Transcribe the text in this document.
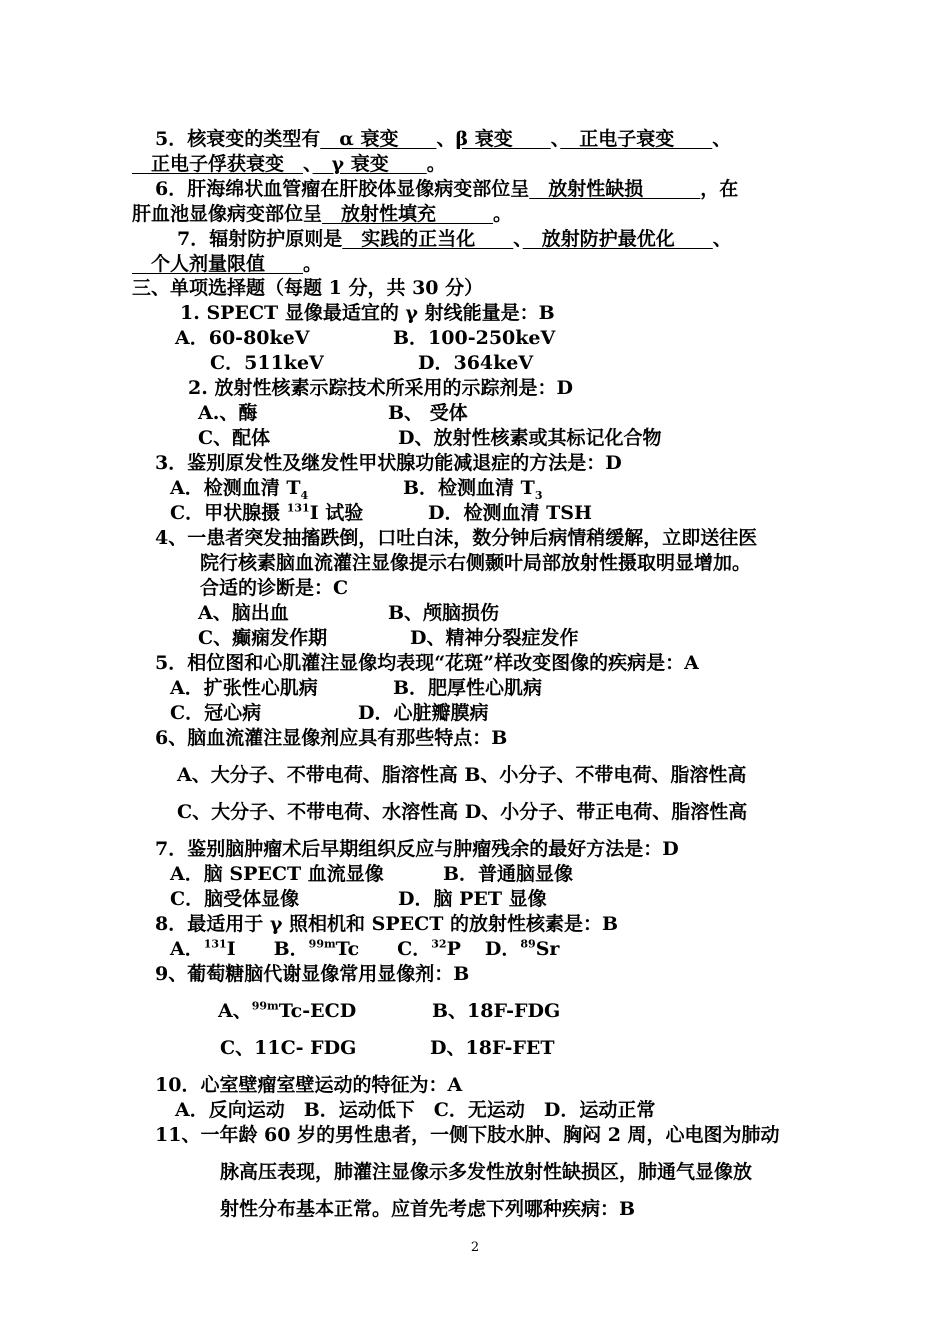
5．核衰变的类型有　α 衰变　　、β 衰变　　、　正电子衰变　　、
　正电子俘获衰变　、　γ 衰变　　。
6．肝海绵状血管瘤在肝胶体显像病变部位呈　放射性缺损　　　，在
肝血池显像病变部位呈　放射性填充　　　。
7．辐射防护原则是　实践的正当化　　、　放射防护最优化　　、
　个人剂量限值　　。
三、单项选择题（每题 1 分，共 30 分）
1. SPECT 显像最适宜的 γ 射线能量是：B
A．60-80keV	B．100-250keV
C．511keV	D．364keV
2. 放射性核素示踪技术所采用的示踪剂是：D
A.、酶	B、 受体
C、配体	D、放射性核素或其标记化合物
3．鉴别原发性及继发性甲状腺功能减退症的方法是：D
A．检测血清 $T_4$	B．检测血清 $T_3$
C．甲状腺摄 $^{131}$I 试验	D．检测血清 TSH
4、一患者突发抽搐跌倒，口吐白沫，数分钟后病情稍缓解，立即送往医
院行核素脑血流灌注显像提示右侧颞叶局部放射性摄取明显增加。
合适的诊断是：C
A、脑出血	B、颅脑损伤
C、癫痫发作期	D、精神分裂症发作
5．相位图和心肌灌注显像均表现“花斑”样改变图像的疾病是：A
A．扩张性心肌病	B．肥厚性心肌病
C．冠心病	D．心脏瓣膜病
6、脑血流灌注显像剂应具有那些特点：B
A、大分子、不带电荷、脂溶性高 B、小分子、不带电荷、脂溶性高
C、大分子、不带电荷、水溶性高 D、小分子、带正电荷、脂溶性高
7．鉴别脑肿瘤术后早期组织反应与肿瘤残余的最好方法是：D
A．脑 SPECT 血流显像	B．普通脑显像
C．脑受体显像	D．脑 PET 显像
8．最适用于 γ 照相机和 SPECT 的放射性核素是：B
A．$^{131}$I B．$^{99m}$Tc C．$^{32}$P D．$^{89}$Sr
9、葡萄糖脑代谢显像常用显像剂：B
A、$^{99m}$Tc-ECD	B、18F-FDG
C、11C- FDG	D、18F-FET
10．心室壁瘤室壁运动的特征为：A
A．反向运动　B．运动低下　C．无运动　D．运动正常
11、一年龄 60 岁的男性患者，一侧下肢水肿、胸闷 2 周，心电图为肺动
脉高压表现，肺灌注显像示多发性放射性缺损区，肺通气显像放
射性分布基本正常。应首先考虑下列哪种疾病：B
2
